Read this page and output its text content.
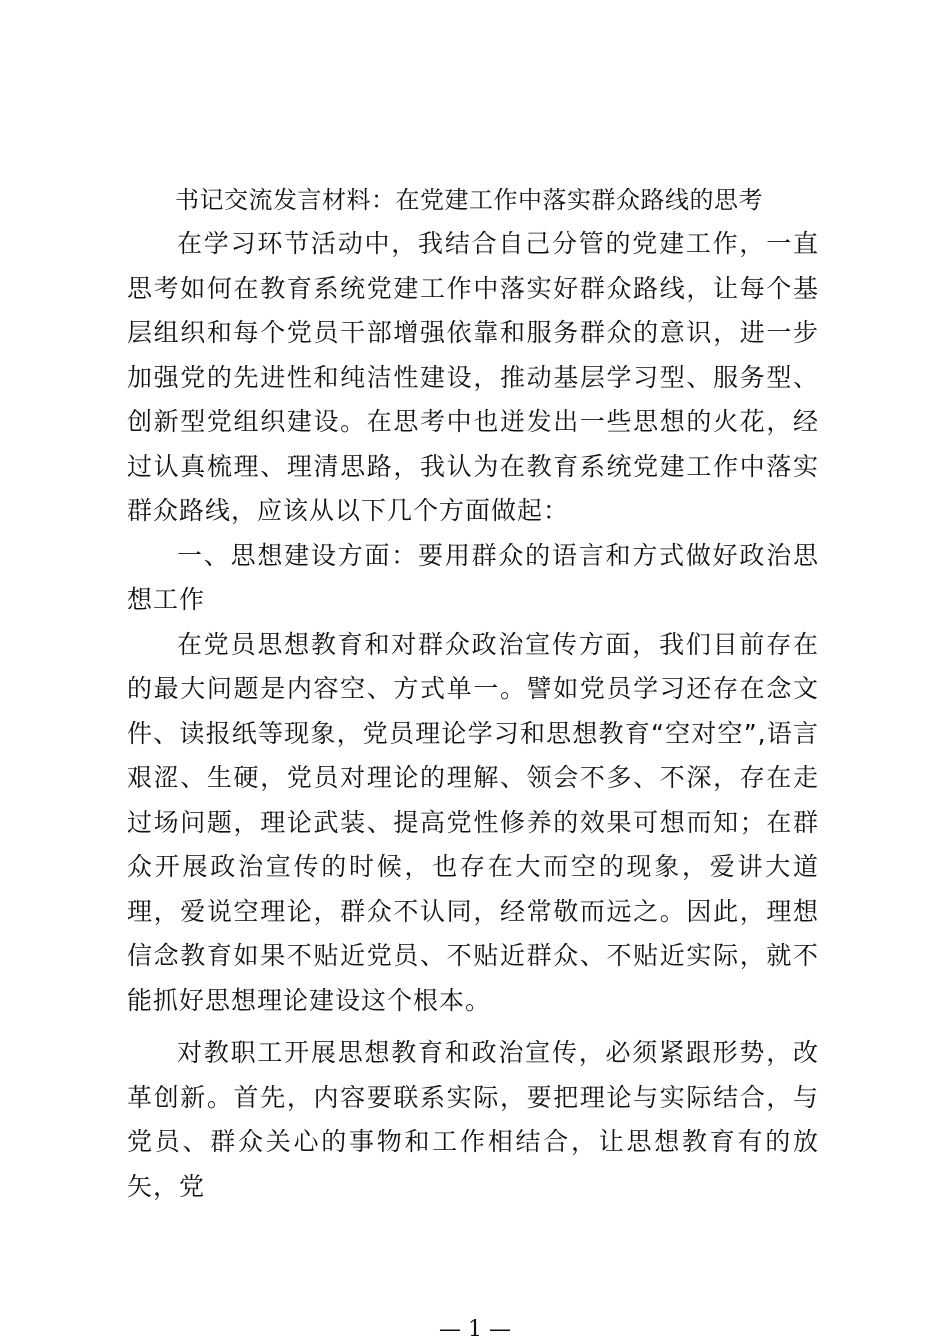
书记交流发言材料：在党建工作中落实群众路线的思考

在学习环节活动中，我结合自己分管的党建工作，一直思考如何在教育系统党建工作中落实好群众路线，让每个基层组织和每个党员干部增强依靠和服务群众的意识，进一步加强党的先进性和纯洁性建设，推动基层学习型、服务型、创新型党组织建设。在思考中也迸发出一些思想的火花，经过认真梳理、理清思路，我认为在教育系统党建工作中落实群众路线，应该从以下几个方面做起：

一、思想建设方面：要用群众的语言和方式做好政治思想工作

在党员思想教育和对群众政治宣传方面，我们目前存在的最大问题是内容空、方式单一。譬如党员学习还存在念文件、读报纸等现象，党员理论学习和思想教育“空对空”,语言艰涩、生硬，党员对理论的理解、领会不多、不深，存在走过场问题，理论武装、提高党性修养的效果可想而知；在群众开展政治宣传的时候，也存在大而空的现象，爱讲大道理，爱说空理论，群众不认同，经常敬而远之。因此，理想信念教育如果不贴近党员、不贴近群众、不贴近实际，就不能抓好思想理论建设这个根本。

对教职工开展思想教育和政治宣传，必须紧跟形势，改革创新。首先，内容要联系实际，要把理论与实际结合，与党员、群众关心的事物和工作相结合，让思想教育有的放矢，党

— 1 —
